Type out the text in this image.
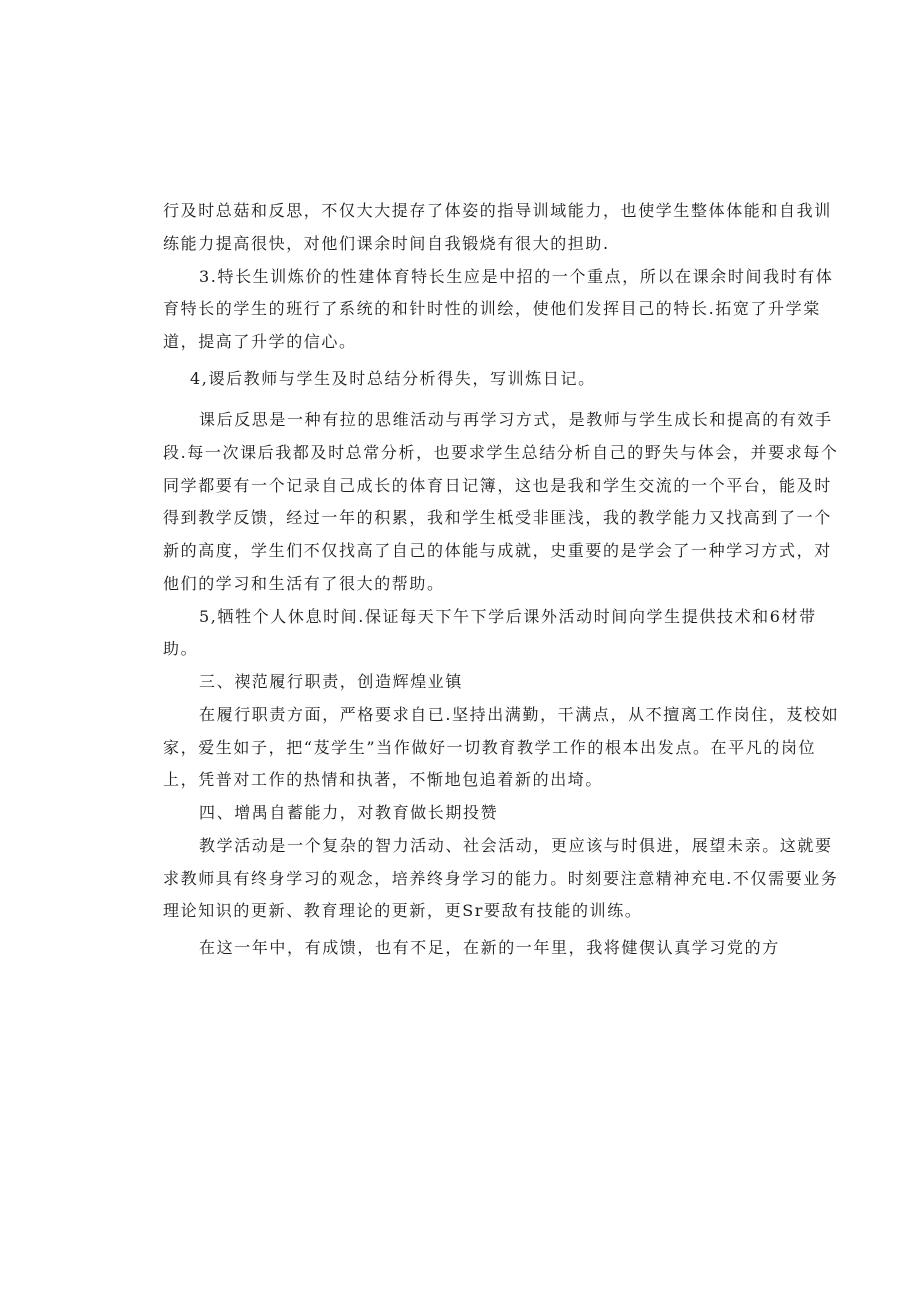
行及时总菇和反思，不仅大大提存了体姿的指导训域能力，也使学生整体体能和自我训
练能力提高很快，对他们课余时间自我锻烧有很大的担助.
3.特长生训炼价的性建体育特长生应是中招的一个重点，所以在课余时间我时有体
育特长的学生的班行了系统的和针时性的训绘，使他们发挥目己的特长.拓宽了升学棠
道，提高了升学的信心。
4,谡后教师与学生及时总结分析得失，写训炼日记。
课后反思是一种有拉的思维活动与再学习方式，是教师与学生成长和提高的有效手
段.每一次课后我都及时总常分析，也要求学生总结分析自己的野失与体会，并要求每个
同学都要有一个记录自己成长的体育日记簿，这也是我和学生交流的一个平台，能及时
得到教学反馈，经过一年的积累，我和学生柢受非匪浅，我的教学能力又找高到了一个
新的高度，学生们不仅找高了自己的体能与成就，史重要的是学会了一种学习方式，对
他们的学习和生活有了很大的帮助。
5,牺牲个人休息时间.保证每天下午下学后课外活动时间向学生提供技术和6材带
助。
三、禊范履行职责，创造辉煌业镇
在履行职责方面，严格要求自已.坚持出满勤，干满点，从不擅离工作岗住，芨校如
家，爱生如子，把“芨学生”当作做好一切教育教学工作的根本出发点。在平凡的岗位
上，凭普对工作的热情和执著，不惭地包追着新的出埼。
四、增禺自蓄能力，对教育做长期投赞
教学活动是一个复杂的智力活动、社会活动，更应该与时俱进，展望未亲。这就要
求教师具有终身学习的观念，培养终身学习的能力。时刻要注意精神充电.不仅需要业务
理论知识的更新、教育理论的更新，更Sr要敌有技能的训练。
在这一年中，有成馈，也有不足，在新的一年里，我将健偰认真学习党的方
